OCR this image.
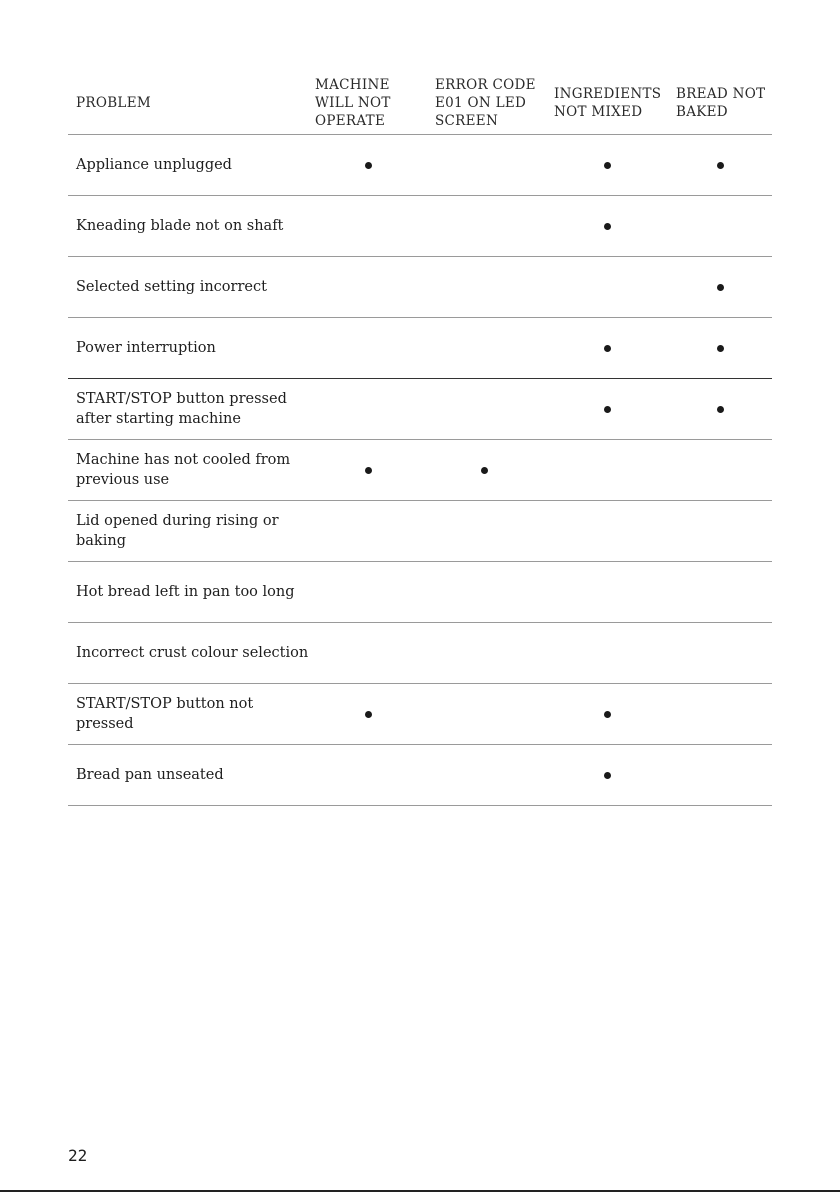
PROBLEM
MACHINE
WILL NOT
OPERATE
ERROR CODE
E01 ON LED
SCREEN
INGREDIENTS
NOT MIXED
BREAD NOT
BAKED
Appliance unplugged
Kneading blade not on shaft
Selected setting incorrect
Power interruption
START/STOP button pressed
after starting machine
Machine has not cooled from
previous use
Lid opened during rising or
baking
Hot bread left in pan too long
Incorrect crust colour selection
START/STOP button not
pressed
Bread pan unseated
22
